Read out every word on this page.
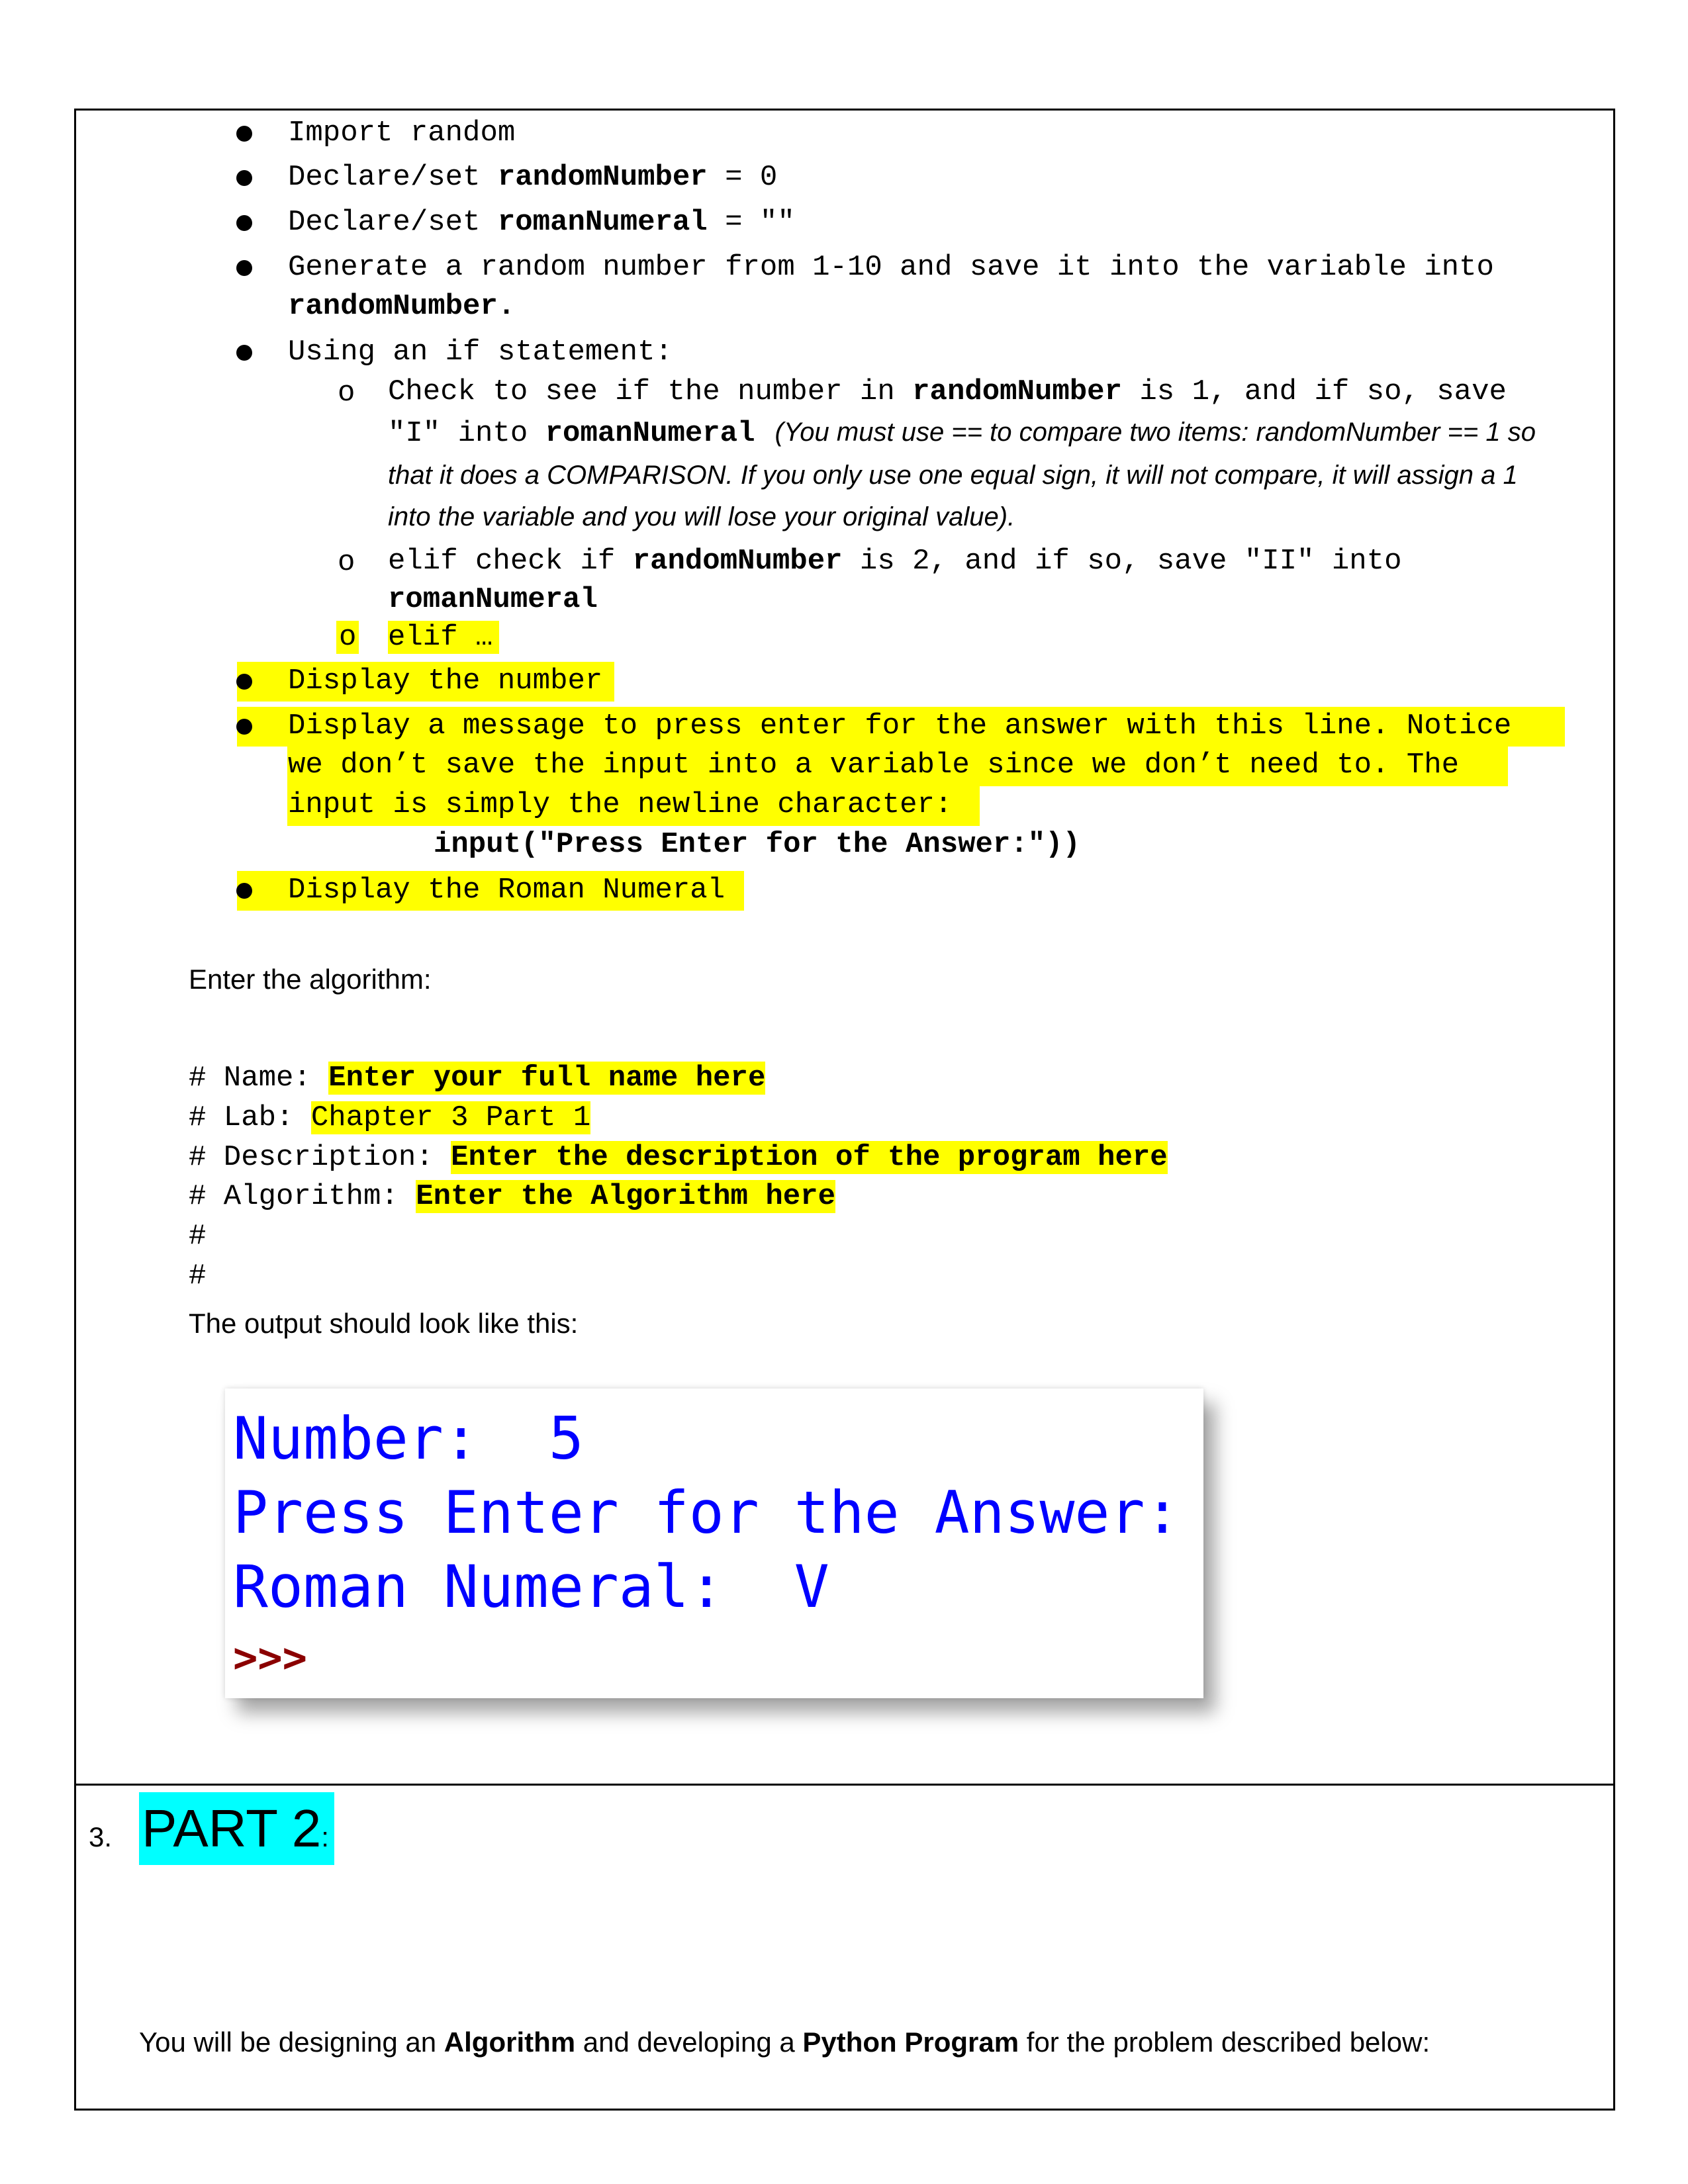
Import random
Declare/set randomNumber = 0
Declare/set romanNumeral = ""
Generate a random number from 1-10 and save it into the variable into
randomNumber.
Using an if statement:
o Check to see if the number in randomNumber is 1, and if so, save
"I" into romanNumeral (You must use == to compare two items: randomNumber == 1 so
that it does a COMPARISON. If you only use one equal sign, it will not compare, it will assign a 1
into the variable and you will lose your original value).
o elif check if randomNumber is 2, and if so, save "II" into
romanNumeral
o elif …
Display the number
Display a message to press enter for the answer with this line. Notice
we don’t save the input into a variable since we don’t need to. The
input is simply the newline character:
input("Press Enter for the Answer:"))
Display the Roman Numeral
Enter the algorithm:
# Name: Enter your full name here
# Lab: Chapter 3 Part 1
# Description: Enter the description of the program here
# Algorithm: Enter the Algorithm here
#
#
The output should look like this:
Number:  5
Press Enter for the Answer:
Roman Numeral:  V
>>>
3. PART 2:
You will be designing an Algorithm and developing a Python Program for the problem described below:
